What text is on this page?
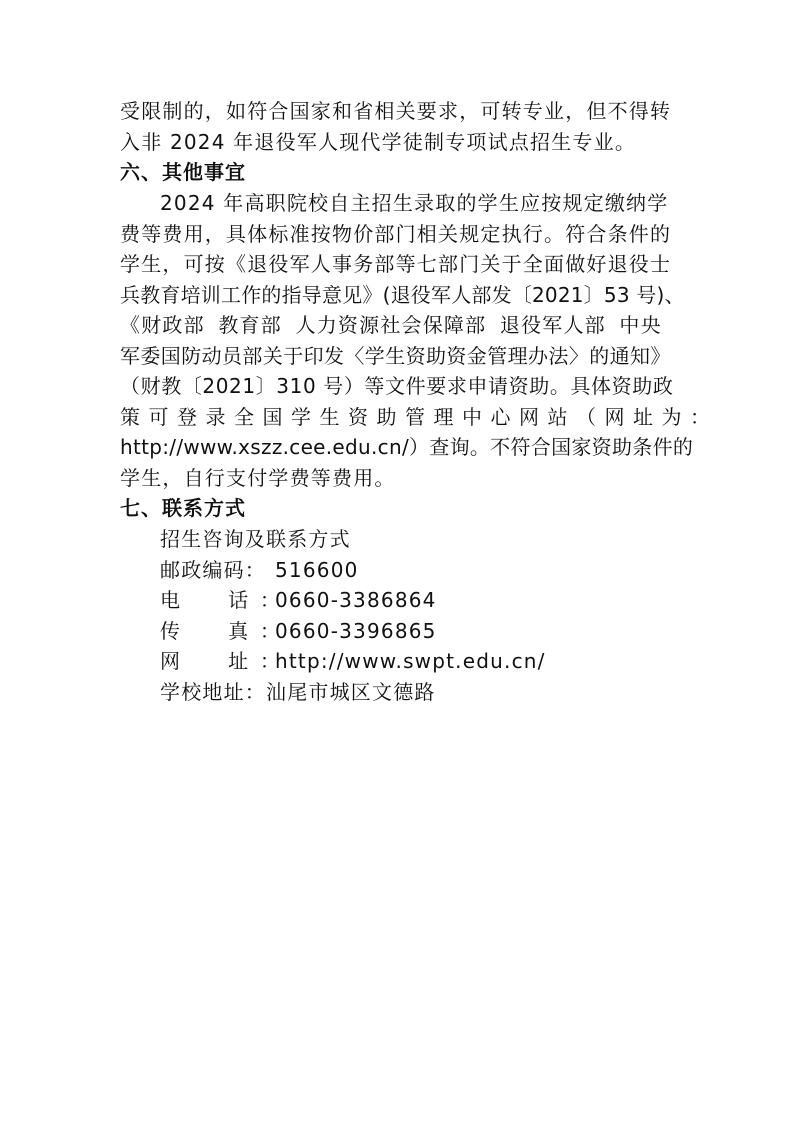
受限制的，如符合国家和省相关要求，可转专业，但不得转

入非 2024 年退役军人现代学徒制专项试点招生专业。

六、其他事宜

2024 年高职院校自主招生录取的学生应按规定缴纳学

费等费用，具体标准按物价部门相关规定执行。符合条件的

学生，可按《退役军人事务部等七部门关于全面做好退役士

兵教育培训工作的指导意见》(退役军人部发〔2021〕53 号)、

《财政部 教育部 人力资源社会保障部 退役军人部 中央

军委国防动员部关于印发〈学生资助资金管理办法〉的通知》

（财教〔2021〕310 号）等文件要求申请资助。具体资助政

策可登录全国学生资助管理中心网站（网址为：

http://www.xszz.cee.edu.cn/）查询。不符合国家资助条件的

学生，自行支付学费等费用。

七、联系方式

招生咨询及联系方式

邮政编码： 516600

电  话：
0660-3386864

传  真：
0660-3396865

网  址：
http://www.swpt.edu.cn/

学校地址： 汕尾市城区文德路
